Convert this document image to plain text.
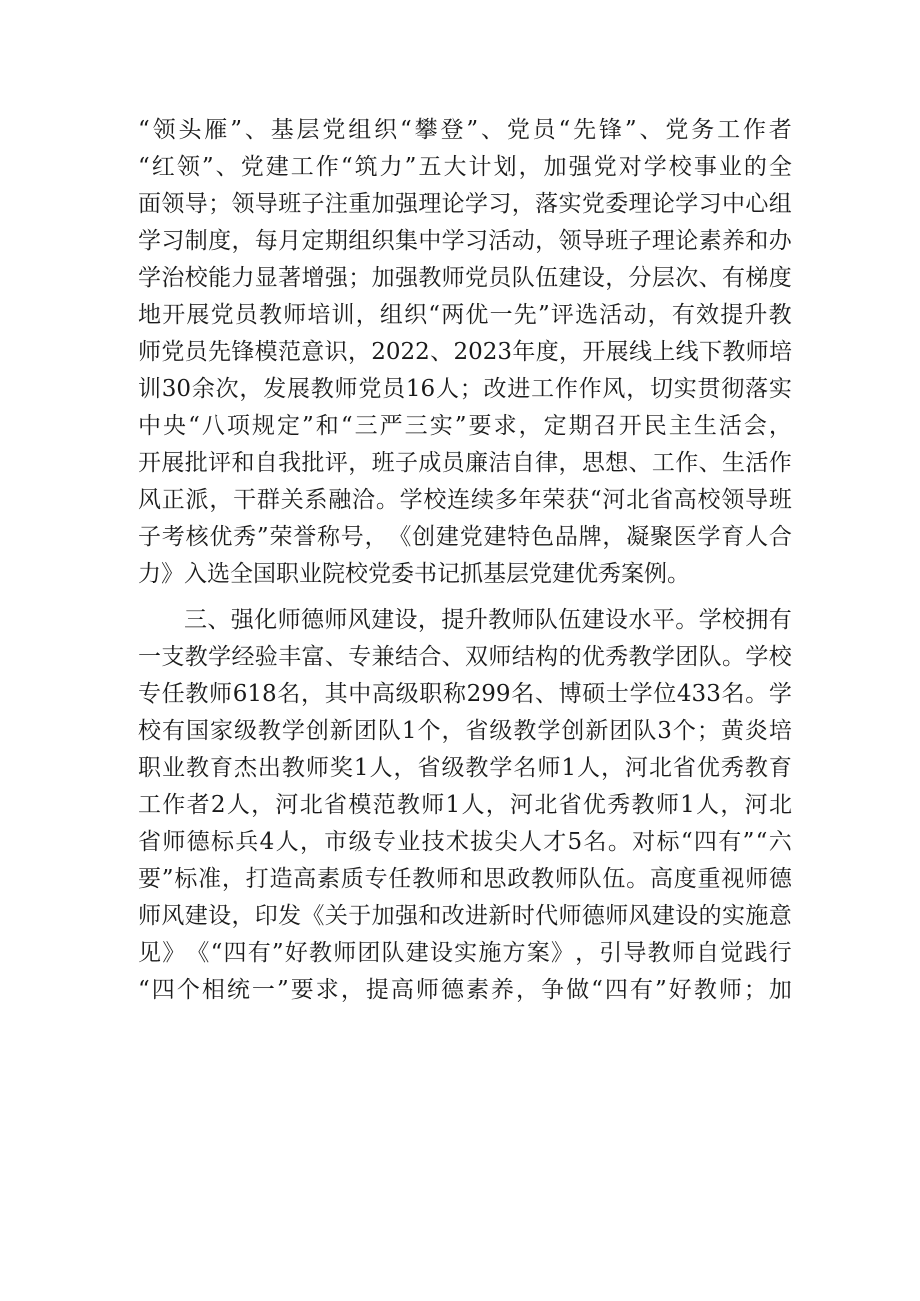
“ 领 头 雁 ” 、 基 层 党 组 织 “ 攀 登 ” 、 党 员 “ 先 锋 ” 、 党 务 工 作 者
“ 红 领 ” 、 党 建 工 作 “ 筑 力 ” 五 大 计 划 ， 加 强 党 对 学 校 事 业 的 全
面 领 导 ； 领 导 班 子 注 重 加 强 理 论 学 习 ， 落 实 党 委 理 论 学 习 中 心 组
学 习 制 度 ， 每 月 定 期 组 织 集 中 学 习 活 动 ， 领 导 班 子 理 论 素 养 和 办
学 治 校 能 力 显 著 增 强 ； 加 强 教 师 党 员 队 伍 建 设 ， 分 层 次 、 有 梯 度
地 开 展 党 员 教 师 培 训 ， 组 织 “ 两 优 一 先 ” 评 选 活 动 ， 有 效 提 升 教
师 党 员 先 锋 模 范 意 识 ， 2022 、 2023 年 度 ， 开 展 线 上 线 下 教 师 培
训 30 余 次 ， 发 展 教 师 党 员 16 人 ； 改 进 工 作 作 风 ， 切 实 贯 彻 落 实
中 央 “ 八 项 规 定 ” 和 “ 三 严 三 实 ” 要 求 ， 定 期 召 开 民 主 生 活 会 ，
开 展 批 评 和 自 我 批 评 ， 班 子 成 员 廉 洁 自 律 ， 思 想 、 工 作 、 生 活 作
风 正 派 ， 干 群 关 系 融 洽 。 学 校 连 续 多 年 荣 获 “ 河 北 省 高 校 领 导 班
子 考 核 优 秀 ” 荣 誉 称 号 ， 《 创 建 党 建 特 色 品 牌 ， 凝 聚 医 学 育 人 合
力》入选全国职业院校党委书记抓基层党建优秀案例。
三 、 强 化 师 德 师 风 建 设 ， 提 升 教 师 队 伍 建 设 水 平 。 学 校 拥 有
一 支 教 学 经 验 丰 富 、 专 兼 结 合 、 双 师 结 构 的 优 秀 教 学 团 队 。 学 校
专 任 教 师 618 名 ， 其 中 高 级 职 称 299 名 、 博 硕 士 学 位 433 名 。 学
校 有 国 家 级 教 学 创 新 团 队 1 个 ， 省 级 教 学 创 新 团 队 3 个 ； 黄 炎 培
职 业 教 育 杰 出 教 师 奖 1 人 ， 省 级 教 学 名 师 1 人 ， 河 北 省 优 秀 教 育
工 作 者 2 人 ， 河 北 省 模 范 教 师 1 人 ， 河 北 省 优 秀 教 师 1 人 ， 河 北
省 师 德 标 兵 4 人 ， 市 级 专 业 技 术 拔 尖 人 才 5 名 。 对 标 “ 四 有 ” “ 六
要 ” 标 准 ， 打 造 高 素 质 专 任 教 师 和 思 政 教 师 队 伍 。 高 度 重 视 师 德
师 风 建 设 ， 印 发 《 关 于 加 强 和 改 进 新 时 代 师 德 师 风 建 设 的 实 施 意
见 》 《 “ 四 有 ” 好 教 师 团 队 建 设 实 施 方 案 》 ， 引 导 教 师 自 觉 践 行
“ 四 个 相 统 一 ” 要 求 ， 提 高 师 德 素 养 ， 争 做 “ 四 有 ” 好 教 师 ； 加
